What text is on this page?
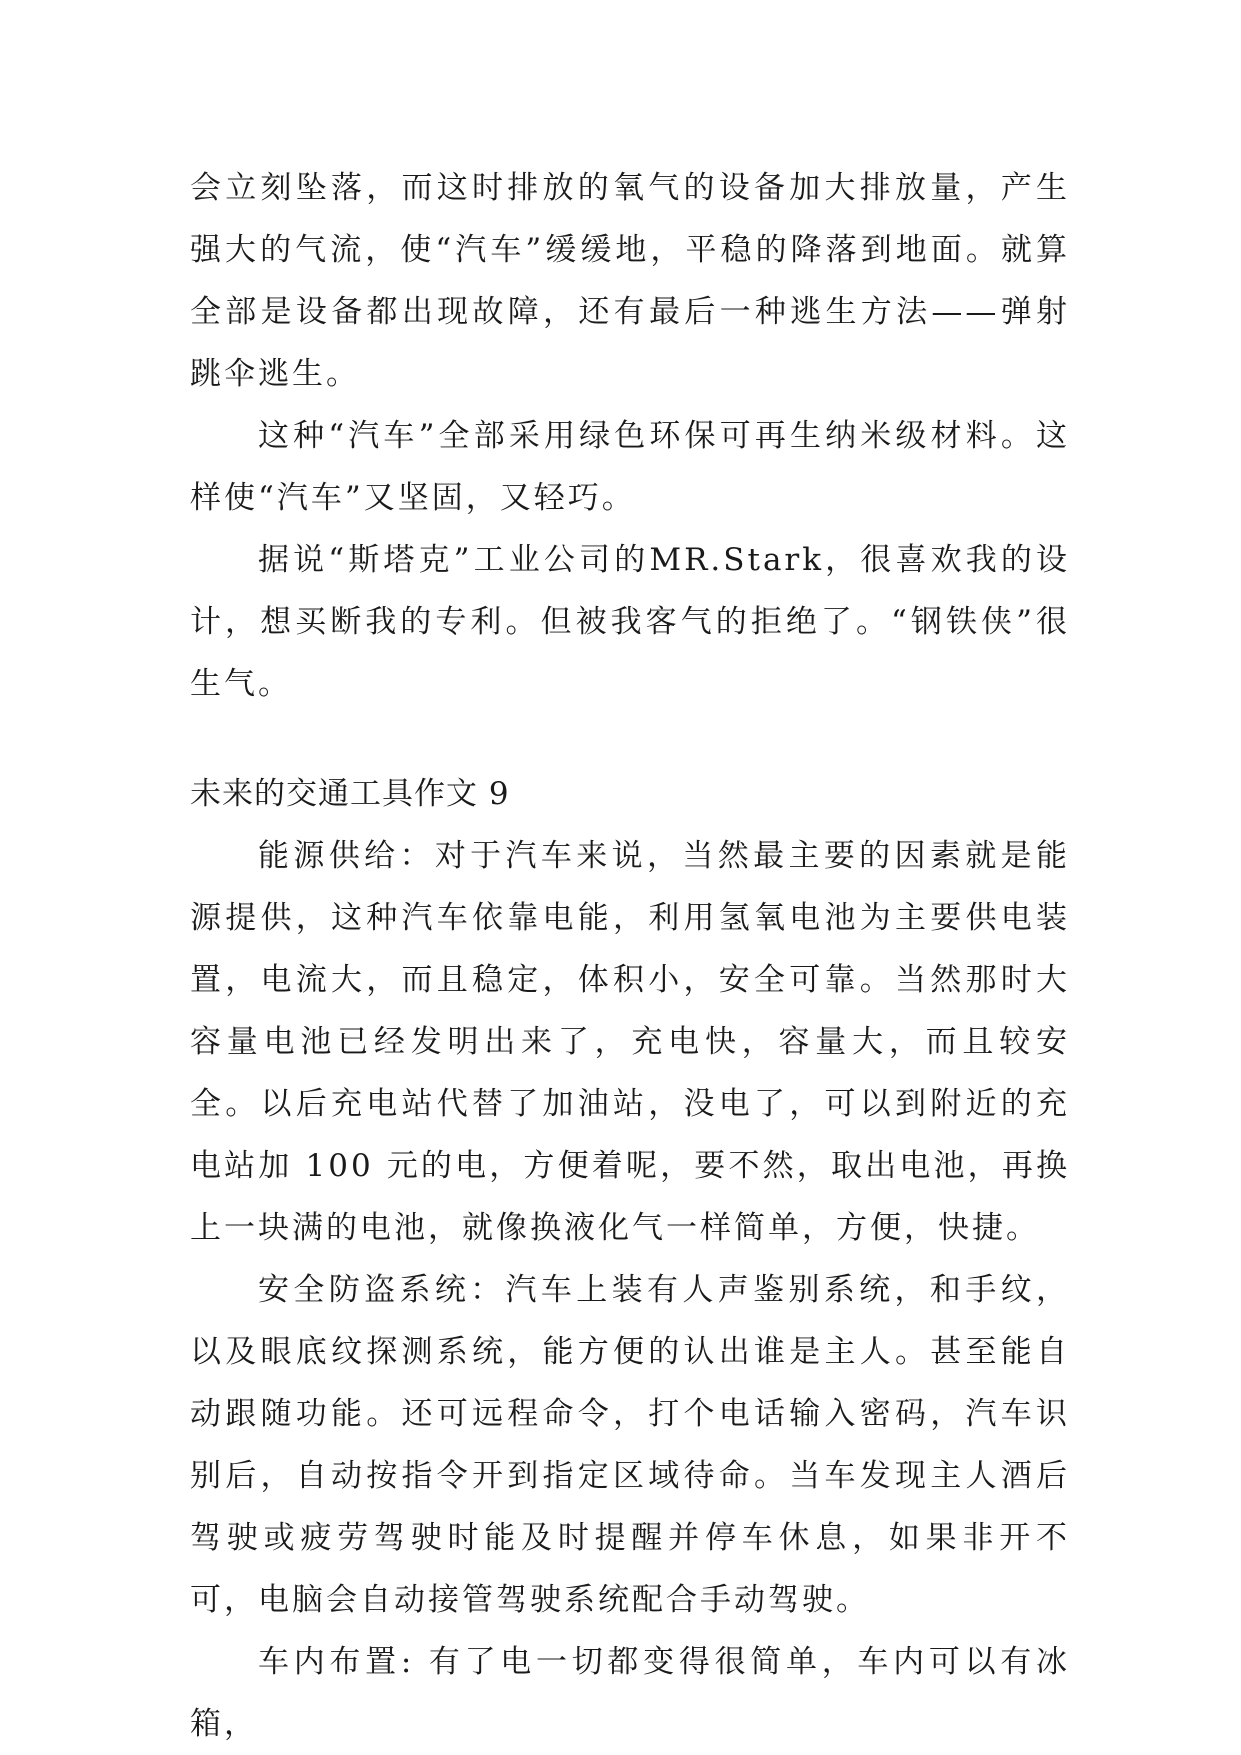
会立刻坠落，而这时排放的氧气的设备加大排放量，产生强大的气流，使“汽车”缓缓地，平稳的降落到地面。就算全部是设备都出现故障，还有最后一种逃生方法——弹射跳伞逃生。

这种“汽车”全部采用绿色环保可再生纳米级材料。这样使“汽车”又坚固，又轻巧。

据说“斯塔克”工业公司的MR.Stark，很喜欢我的设计，想买断我的专利。但被我客气的拒绝了。“钢铁侠”很生气。

未来的交通工具作文 9

能源供给：对于汽车来说，当然最主要的因素就是能源提供，这种汽车依靠电能，利用氢氧电池为主要供电装置，电流大，而且稳定，体积小，安全可靠。当然那时大容量电池已经发明出来了，充电快，容量大，而且较安全。以后充电站代替了加油站，没电了，可以到附近的充电站加 100 元的电，方便着呢，要不然，取出电池，再换上一块满的电池，就像换液化气一样简单，方便，快捷。

安全防盗系统：汽车上装有人声鉴别系统，和手纹，以及眼底纹探测系统，能方便的认出谁是主人。甚至能自动跟随功能。还可远程命令，打个电话输入密码，汽车识别后，自动按指令开到指定区域待命。当车发现主人酒后驾驶或疲劳驾驶时能及时提醒并停车休息，如果非开不可，电脑会自动接管驾驶系统配合手动驾驶。

车内布置: 有了电一切都变得很简单，车内可以有冰箱，
